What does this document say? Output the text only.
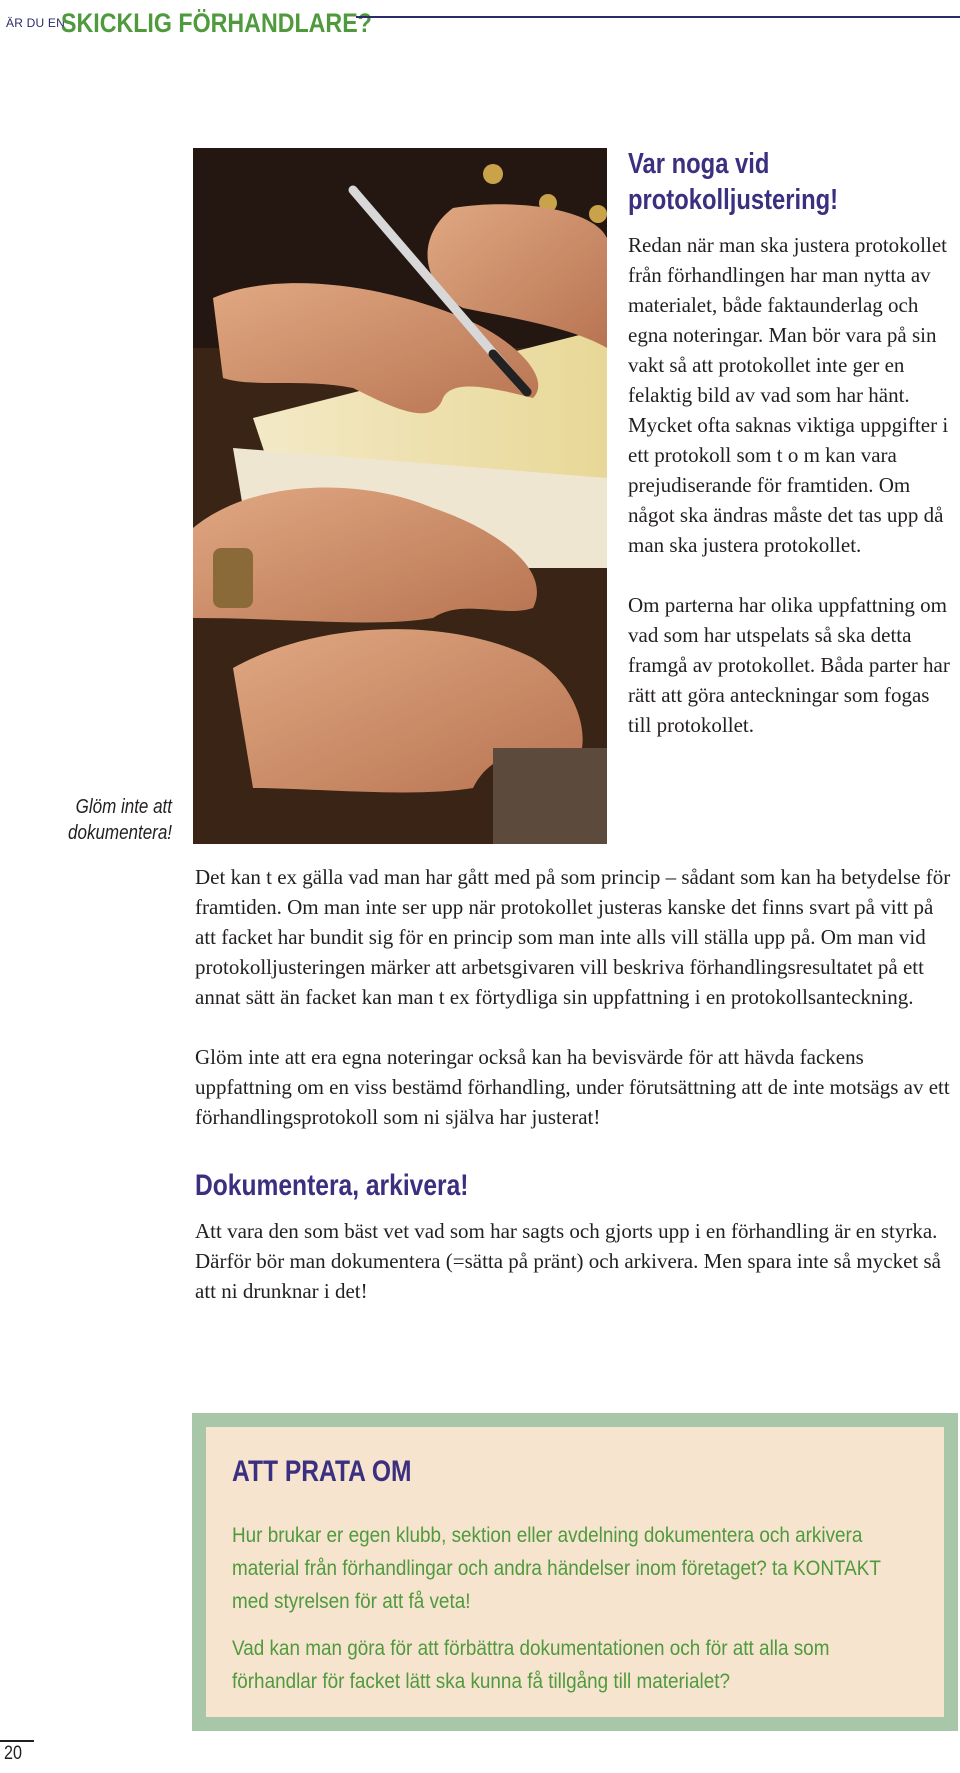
ÄR DU EN
SKICKLIG FÖRHANDLARE?
Glöm inte att
dokumentera!
Var noga vid
protokolljustering!

Redan när man ska justera protokollet från förhandlingen har man nytta av materialet, både faktaunderlag och egna noteringar. Man bör vara på sin vakt så att protokollet inte ger en felaktig bild av vad som har hänt. Mycket ofta saknas viktiga uppgifter i ett protokoll som t o m kan vara prejudiserande för framtiden. Om något ska ändras måste det tas upp då man ska justera protokollet.

Om parterna har olika uppfattning om vad som har utspelats så ska detta framgå av protokollet. Båda parter har rätt att göra anteckningar som fogas till protokollet.

Det kan t ex gälla vad man har gått med på som princip – sådant som kan ha betydelse för framtiden. Om man inte ser upp när protokollet justeras kanske det finns svart på vitt på att facket har bundit sig för en princip som man inte alls vill ställa upp på. Om man vid protokolljusteringen märker att arbetsgivaren vill beskriva förhandlingsresultatet på ett annat sätt än facket kan man t ex förtydliga sin uppfattning i en protokollsanteckning.

Glöm inte att era egna noteringar också kan ha bevisvärde för att hävda fackens uppfattning om en viss bestämd förhandling, under förutsättning att de inte motsägs av ett förhandlingsprotokoll som ni själva har justerat!

Dokumentera, arkivera!

Att vara den som bäst vet vad som har sagts och gjorts upp i en förhandling är en styrka. Därför bör man dokumentera (=sätta på pränt) och arkivera. Men spara inte så mycket så att ni drunknar i det!

ATT PRATA OM

Hur brukar er egen klubb, sektion eller avdelning dokumentera och arkivera material från förhandlingar och andra händelser inom företaget? ta KONTAKT med styrelsen för att få veta!

Vad kan man göra för att förbättra dokumentationen och för att alla som förhandlar för facket lätt ska kunna få tillgång till materialet?

20
